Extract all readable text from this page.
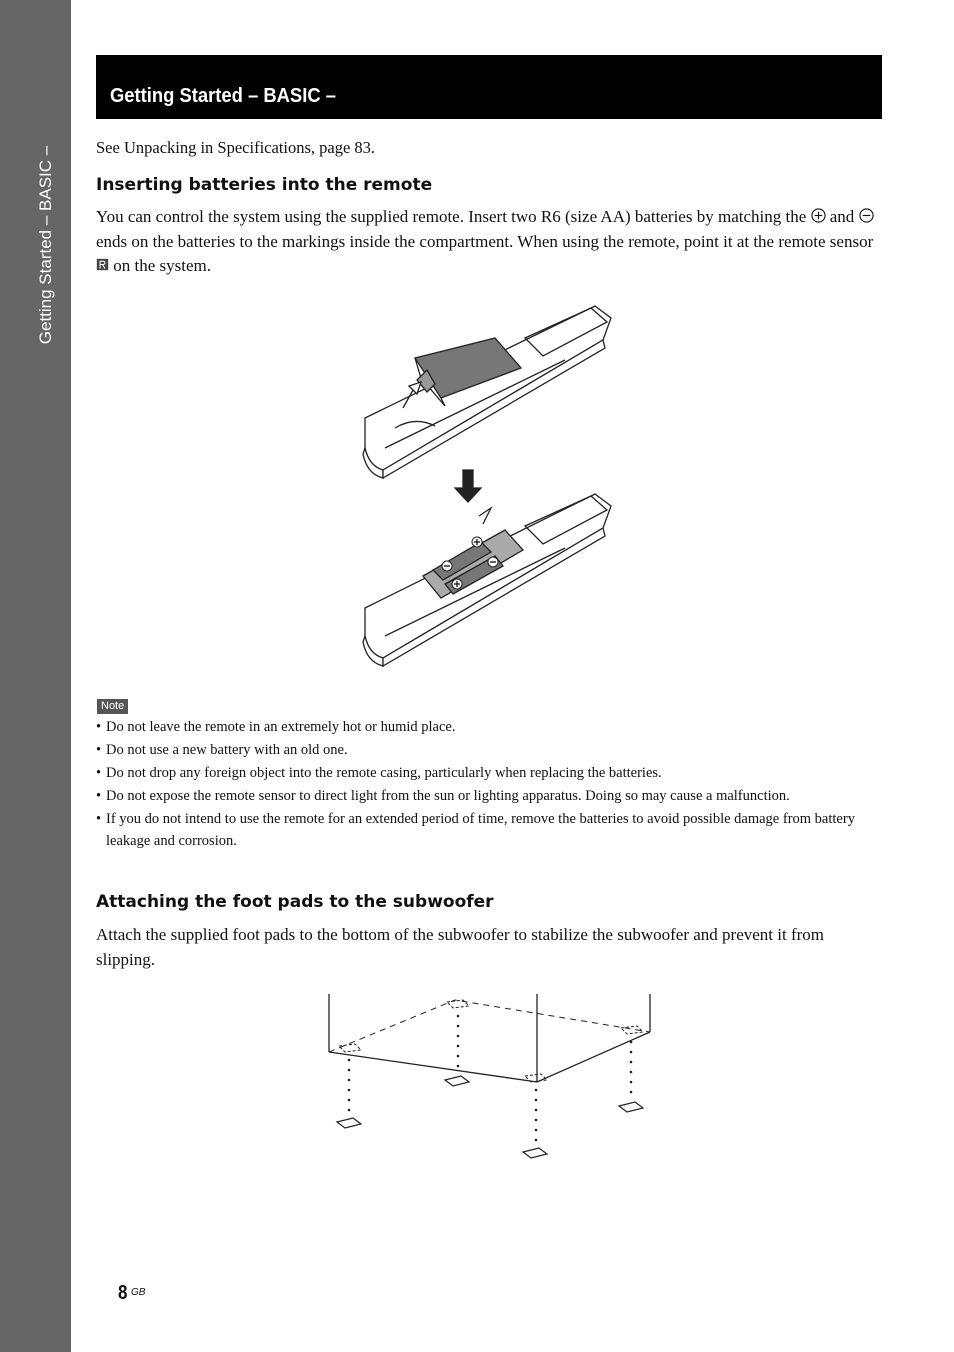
Getting Started – BASIC –
Getting Started – BASIC –
See Unpacking in Specifications, page 83.
Inserting batteries into the remote
You can control the system using the supplied remote. Insert two R6 (size AA) batteries by matching the  and  ends on the batteries to the markings inside the compartment. When using the remote, point it at the remote sensor  on the system.
Note
• Do not leave the remote in an extremely hot or humid place.
• Do not use a new battery with an old one.
• Do not drop any foreign object into the remote casing, particularly when replacing the batteries.
• Do not expose the remote sensor to direct light from the sun or lighting apparatus. Doing so may cause a malfunction.
• If you do not intend to use the remote for an extended period of time, remove the batteries to avoid possible damage from battery leakage and corrosion.
Attaching the foot pads to the subwoofer
Attach the supplied foot pads to the bottom of the subwoofer to stabilize the subwoofer and prevent it from slipping.
8 GB
